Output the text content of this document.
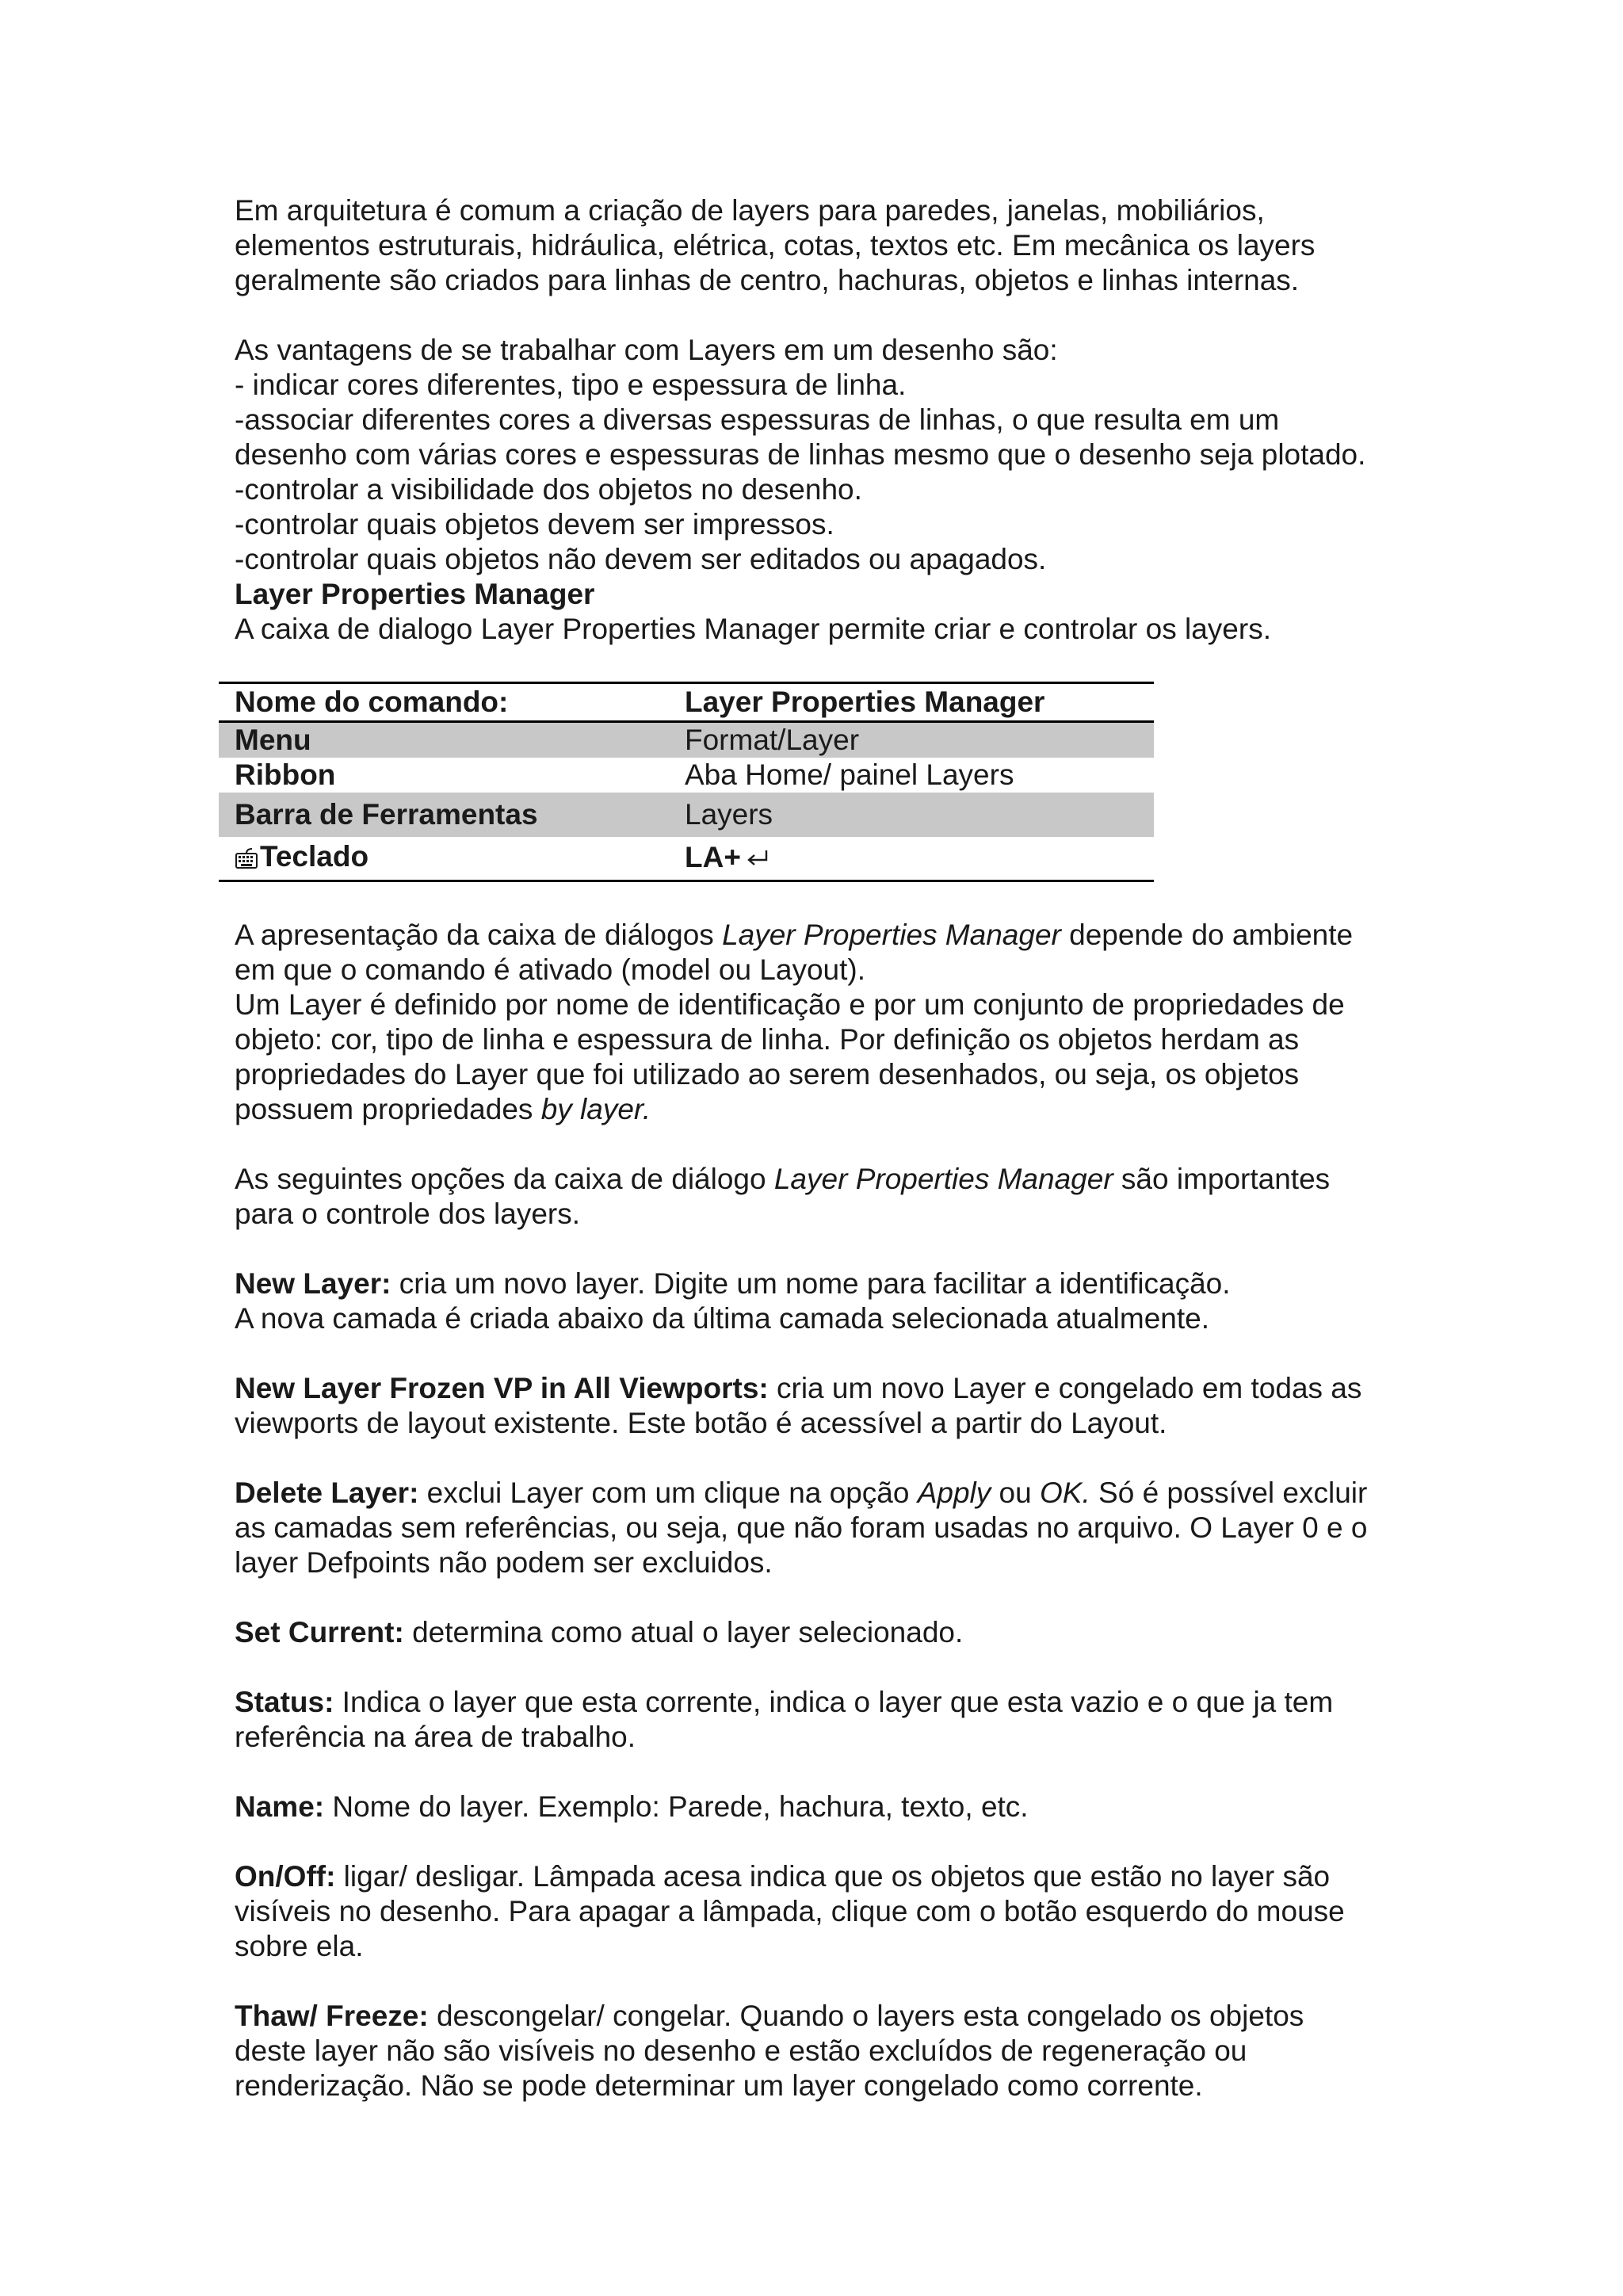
Em arquitetura é comum a criação de layers para paredes, janelas, mobiliários,
elementos estruturais, hidráulica, elétrica, cotas, textos etc. Em mecânica os layers
geralmente são criados para linhas de centro, hachuras, objetos e linhas internas.

As vantagens de se trabalhar com Layers em um desenho são:
- indicar cores diferentes, tipo e espessura de linha.
-associar diferentes cores a diversas espessuras de linhas, o que resulta em um
desenho com várias cores e espessuras de linhas mesmo que o desenho seja plotado.
-controlar a visibilidade dos objetos no desenho.
-controlar quais objetos devem ser impressos.
-controlar quais objetos não devem ser editados ou apagados.
Layer Properties Manager
A caixa de dialogo Layer Properties Manager permite criar e controlar os layers.

Nome do comando:	Layer Properties Manager
Menu	Format/Layer
Ribbon	Aba Home/ painel Layers
Barra de Ferramentas	Layers
Teclado	LA+

A apresentação da caixa de diálogos Layer Properties Manager depende do ambiente
em que o comando é ativado (model ou Layout).
Um Layer é definido por nome de identificação e por um conjunto de propriedades de
objeto: cor, tipo de linha e espessura de linha. Por definição os objetos herdam as
propriedades do Layer que foi utilizado ao serem desenhados, ou seja, os objetos
possuem propriedades by layer.

As seguintes opções da caixa de diálogo Layer Properties Manager são importantes
para o controle dos layers.

New Layer: cria um novo layer. Digite um nome para facilitar a identificação.
A nova camada é criada abaixo da última camada selecionada atualmente.

New Layer Frozen VP in All Viewports: cria um novo Layer e congelado em todas as
viewports de layout existente. Este botão é acessível a partir do Layout.

Delete Layer: exclui Layer com um clique na opção Apply ou OK. Só é possível excluir
as camadas sem referências, ou seja, que não foram usadas no arquivo. O Layer 0 e o
layer Defpoints não podem ser excluidos.

Set Current: determina como atual o layer selecionado.

Status: Indica o layer que esta corrente, indica o layer que esta vazio e o que ja tem
referência na área de trabalho.

Name: Nome do layer. Exemplo: Parede, hachura, texto, etc.

On/Off: ligar/ desligar. Lâmpada acesa indica que os objetos que estão no layer são
visíveis no desenho. Para apagar a lâmpada, clique com o botão esquerdo do mouse
sobre ela.

Thaw/ Freeze: descongelar/ congelar. Quando o layers esta congelado os objetos
deste layer não são visíveis no desenho e estão excluídos de regeneração ou
renderização. Não se pode determinar um layer congelado como corrente.
